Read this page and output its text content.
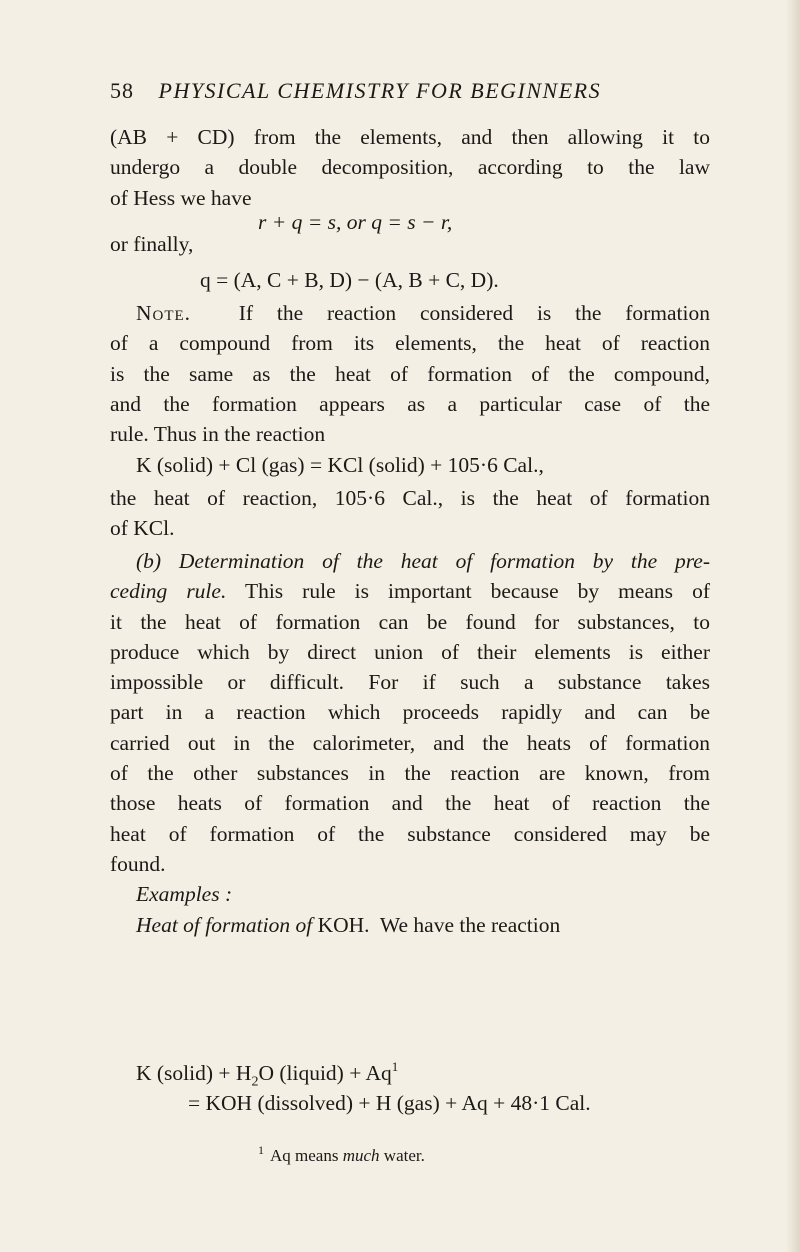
58 PHYSICAL CHEMISTRY FOR BEGINNERS
(AB + CD) from the elements, and then allowing it to
undergo a double decomposition, according to the law
of Hess we have
r + q = s, or q = s − r,
or finally,
q = (A, C + B, D) − (A, B + C, D).
Note. If the reaction considered is the formation
of a compound from its elements, the heat of reaction
is the same as the heat of formation of the compound,
and the formation appears as a particular case of the
rule. Thus in the reaction
K (solid) + Cl (gas) = KCl (solid) + 105·6 Cal.,
the heat of reaction, 105·6 Cal., is the heat of formation
of KCl.
(b) Determination of the heat of formation by the pre-
ceding rule. This rule is important because by means of
it the heat of formation can be found for substances, to
produce which by direct union of their elements is either
impossible or difficult. For if such a substance takes
part in a reaction which proceeds rapidly and can be
carried out in the calorimeter, and the heats of formation
of the other substances in the reaction are known, from
those heats of formation and the heat of reaction the
heat of formation of the substance considered may be
found.
Examples :
Heat of formation of KOH. We have the reaction
K (solid) + $H_2O$ (liquid) + $Aq^1$
= KOH (dissolved) + H (gas) + Aq + 48·1 Cal.
$^1$ Aq means much water.
